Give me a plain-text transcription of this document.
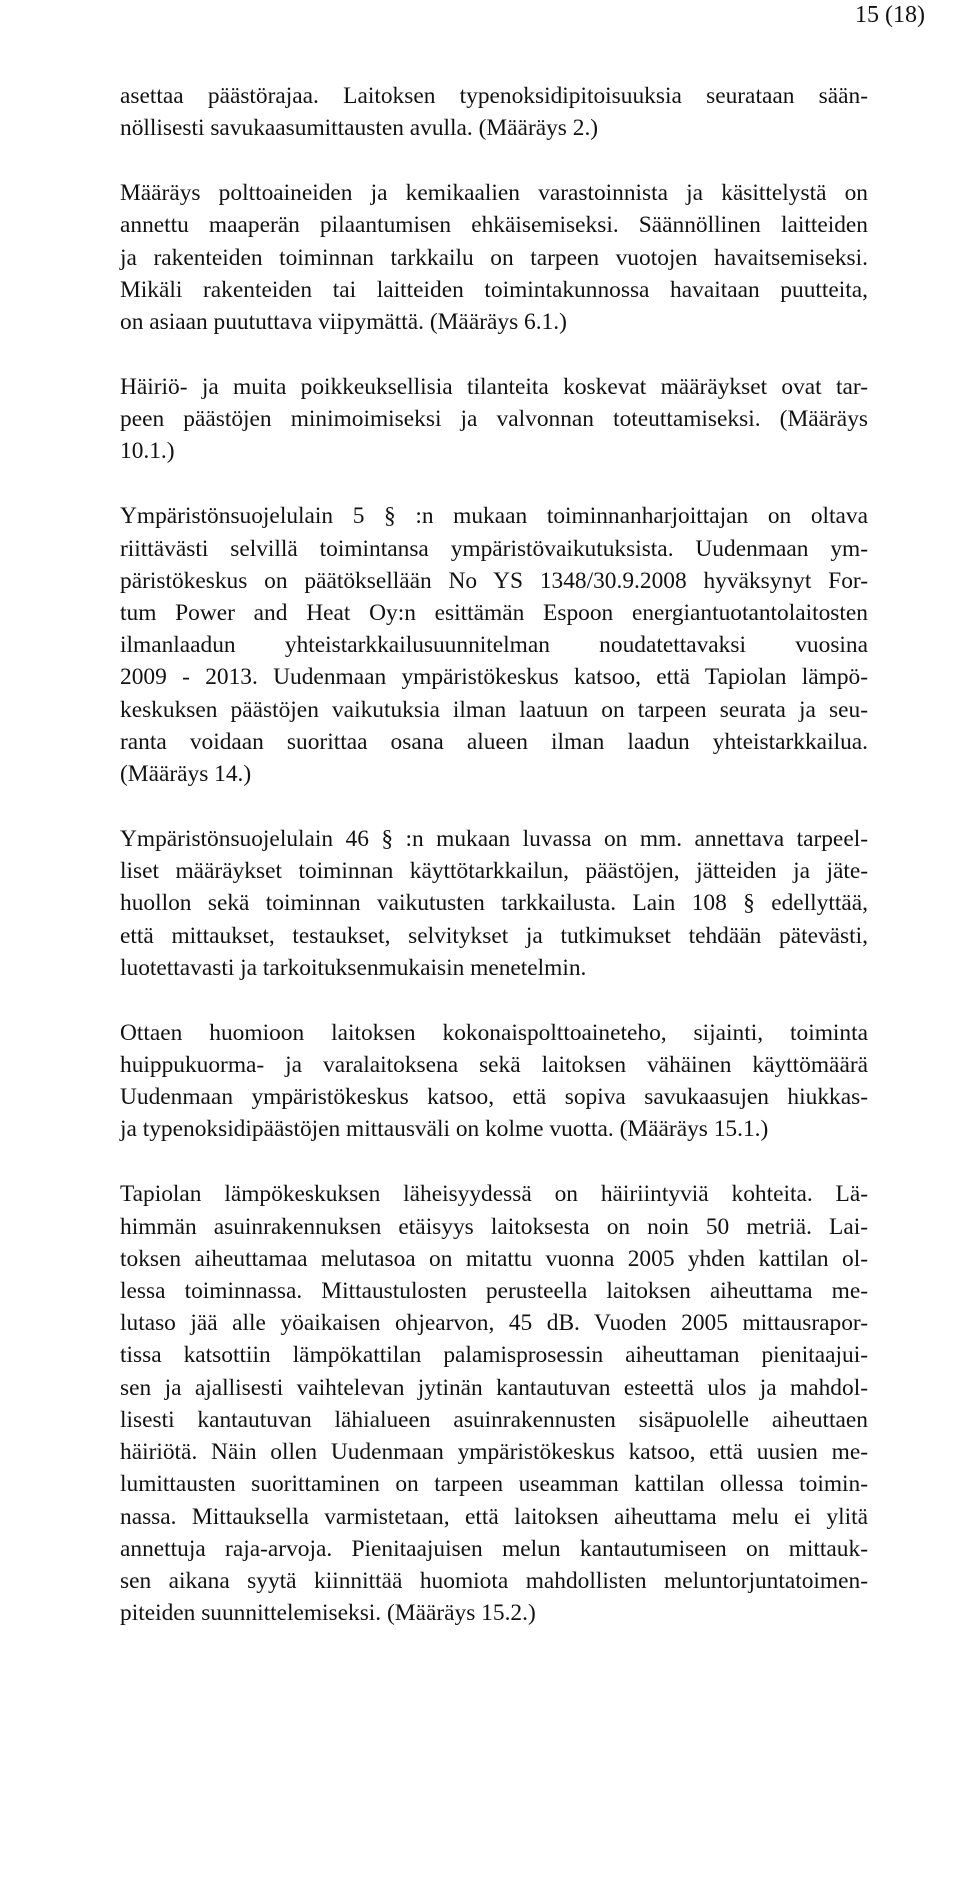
15 (18)
asettaa päästörajaa. Laitoksen typenoksidipitoisuuksia seurataan sään-
nöllisesti savukaasumittausten avulla. (Määräys 2.)
Määräys polttoaineiden ja kemikaalien varastoinnista ja käsittelystä on
annettu maaperän pilaantumisen ehkäisemiseksi. Säännöllinen laitteiden
ja rakenteiden toiminnan tarkkailu on tarpeen vuotojen havaitsemiseksi.
Mikäli rakenteiden tai laitteiden toimintakunnossa havaitaan puutteita,
on asiaan puututtava viipymättä. (Määräys 6.1.)
Häiriö- ja muita poikkeuksellisia tilanteita koskevat määräykset ovat tar-
peen päästöjen minimoimiseksi ja valvonnan toteuttamiseksi. (Määräys
10.1.)
Ympäristönsuojelulain 5 § :n mukaan toiminnanharjoittajan on oltava
riittävästi selvillä toimintansa ympäristövaikutuksista. Uudenmaan ym-
päristökeskus on päätöksellään No YS 1348/30.9.2008 hyväksynyt For-
tum Power and Heat Oy:n esittämän Espoon energiantuotantolaitosten
ilmanlaadun yhteistarkkailusuunnitelman noudatettavaksi vuosina
2009 - 2013. Uudenmaan ympäristökeskus katsoo, että Tapiolan lämpö-
keskuksen päästöjen vaikutuksia ilman laatuun on tarpeen seurata ja seu-
ranta voidaan suorittaa osana alueen ilman laadun yhteistarkkailua.
(Määräys 14.)
Ympäristönsuojelulain 46 § :n mukaan luvassa on mm. annettava tarpeel-
liset määräykset toiminnan käyttötarkkailun, päästöjen, jätteiden ja jäte-
huollon sekä toiminnan vaikutusten tarkkailusta. Lain 108 § edellyttää,
että mittaukset, testaukset, selvitykset ja tutkimukset tehdään pätevästi,
luotettavasti ja tarkoituksenmukaisin menetelmin.
Ottaen huomioon laitoksen kokonaispolttoaineteho, sijainti, toiminta
huippukuorma- ja varalaitoksena sekä laitoksen vähäinen käyttömäärä
Uudenmaan ympäristökeskus katsoo, että sopiva savukaasujen hiukkas-
ja typenoksidipäästöjen mittausväli on kolme vuotta. (Määräys 15.1.)
Tapiolan lämpökeskuksen läheisyydessä on häiriintyviä kohteita. Lä-
himmän asuinrakennuksen etäisyys laitoksesta on noin 50 metriä. Lai-
toksen aiheuttamaa melutasoa on mitattu vuonna 2005 yhden kattilan ol-
lessa toiminnassa. Mittaustulosten perusteella laitoksen aiheuttama me-
lutaso jää alle yöaikaisen ohjearvon, 45 dB. Vuoden 2005 mittausrapor-
tissa katsottiin lämpökattilan palamisprosessin aiheuttaman pienitaajui-
sen ja ajallisesti vaihtelevan jytinän kantautuvan esteettä ulos ja mahdol-
lisesti kantautuvan lähialueen asuinrakennusten sisäpuolelle aiheuttaen
häiriötä. Näin ollen Uudenmaan ympäristökeskus katsoo, että uusien me-
lumittausten suorittaminen on tarpeen useamman kattilan ollessa toimin-
nassa. Mittauksella varmistetaan, että laitoksen aiheuttama melu ei ylitä
annettuja raja-arvoja. Pienitaajuisen melun kantautumiseen on mittauk-
sen aikana syytä kiinnittää huomiota mahdollisten meluntorjuntatoimen-
piteiden suunnittelemiseksi. (Määräys 15.2.)
